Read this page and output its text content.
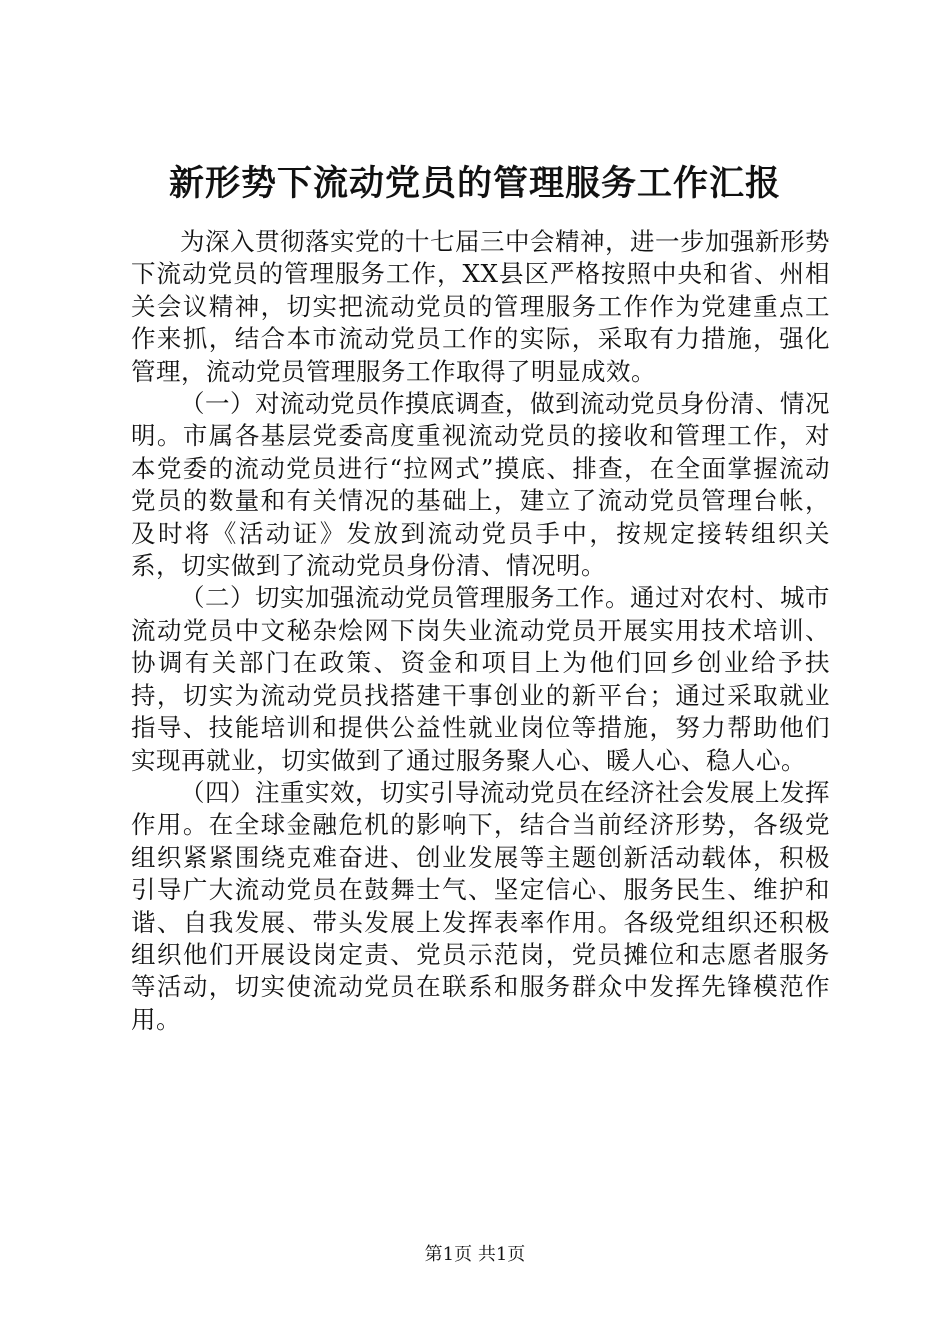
新形势下流动党员的管理服务工作汇报

为深入贯彻落实党的十七届三中会精神，进一步加强新形势下流动党员的管理服务工作，XX县区严格按照中央和省、州相关会议精神，切实把流动党员的管理服务工作作为党建重点工作来抓，结合本市流动党员工作的实际，采取有力措施，强化管理，流动党员管理服务工作取得了明显成效。

（一）对流动党员作摸底调查，做到流动党员身份清、情况明。市属各基层党委高度重视流动党员的接收和管理工作，对本党委的流动党员进行“拉网式”摸底、排查，在全面掌握流动党员的数量和有关情况的基础上，建立了流动党员管理台帐，及时将《活动证》发放到流动党员手中，按规定接转组织关系，切实做到了流动党员身份清、情况明。

（二）切实加强流动党员管理服务工作。通过对农村、城市流动党员中文秘杂烩网下岗失业流动党员开展实用技术培训、协调有关部门在政策、资金和项目上为他们回乡创业给予扶持，切实为流动党员找搭建干事创业的新平台；通过采取就业指导、技能培训和提供公益性就业岗位等措施，努力帮助他们实现再就业，切实做到了通过服务聚人心、暖人心、稳人心。

（四）注重实效，切实引导流动党员在经济社会发展上发挥作用。在全球金融危机的影响下，结合当前经济形势，各级党组织紧紧围绕克难奋进、创业发展等主题创新活动载体，积极引导广大流动党员在鼓舞士气、坚定信心、服务民生、维护和谐、自我发展、带头发展上发挥表率作用。各级党组织还积极组织他们开展设岗定责、党员示范岗，党员摊位和志愿者服务等活动，切实使流动党员在联系和服务群众中发挥先锋模范作用。

第1页 共1页
